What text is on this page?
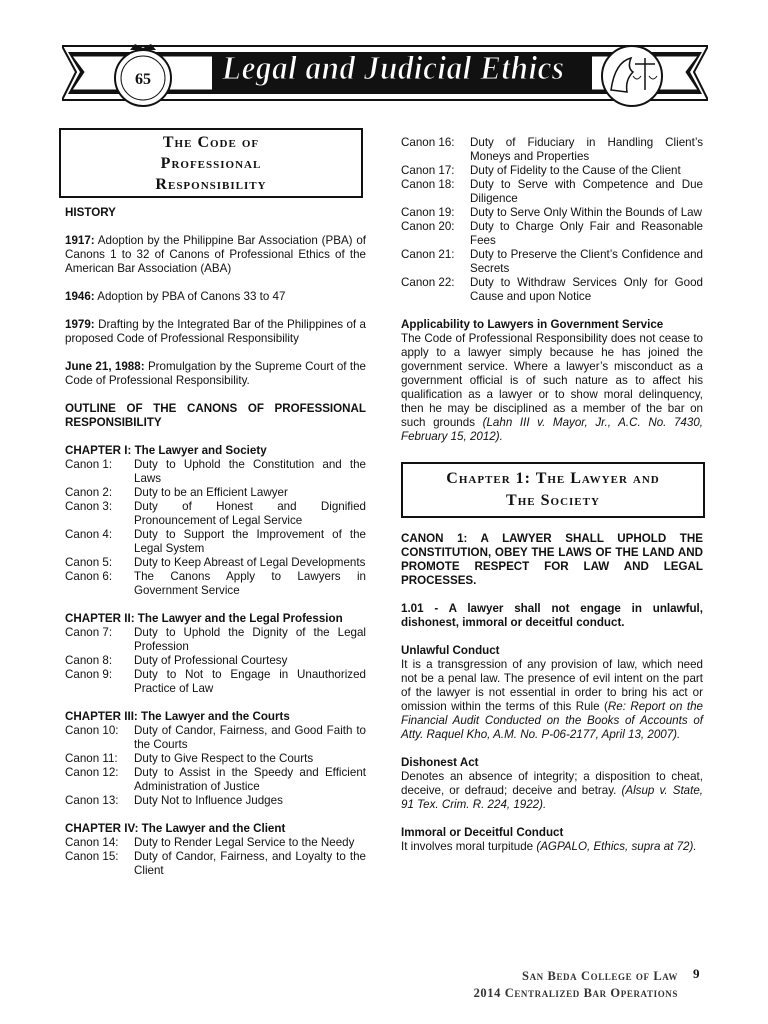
65 Legal and Judicial Ethics
The Code of
Professional
Responsibility

HISTORY

1917: Adoption by the Philippine Bar Association (PBA) of Canons 1 to 32 of Canons of Professional Ethics of the American Bar Association (ABA)

1946: Adoption by PBA of Canons 33 to 47

1979: Drafting by the Integrated Bar of the Philippines of a proposed Code of Professional Responsibility

June 21, 1988: Promulgation by the Supreme Court of the Code of Professional Responsibility.

OUTLINE OF THE CANONS OF PROFESSIONAL RESPONSIBILITY

CHAPTER I: The Lawyer and Society

Canon 1:	Duty to Uphold the Constitution and the Laws
Canon 2:	Duty to be an Efficient Lawyer
Canon 3:	Duty of Honest and Dignified Pronouncement of Legal Service
Canon 4:	Duty to Support the Improvement of the Legal System
Canon 5:	Duty to Keep Abreast of Legal Developments
Canon 6:	The Canons Apply to Lawyers in Government Service

CHAPTER II: The Lawyer and the Legal Profession

Canon 7:	Duty to Uphold the Dignity of the Legal Profession
Canon 8:	Duty of Professional Courtesy
Canon 9:	Duty to Not to Engage in Unauthorized Practice of Law

CHAPTER III: The Lawyer and the Courts

Canon 10:	Duty of Candor, Fairness, and Good Faith to the Courts
Canon 11:	Duty to Give Respect to the Courts
Canon 12:	Duty to Assist in the Speedy and Efficient Administration of Justice
Canon 13:	Duty Not to Influence Judges

CHAPTER IV: The Lawyer and the Client

Canon 14:	Duty to Render Legal Service to the Needy
Canon 15:	Duty of Candor, Fairness, and Loyalty to the Client
Canon 16:	Duty of Fiduciary in Handling Client’s Moneys and Properties
Canon 17:	Duty of Fidelity to the Cause of the Client
Canon 18:	Duty to Serve with Competence and Due Diligence
Canon 19:	Duty to Serve Only Within the Bounds of Law
Canon 20:	Duty to Charge Only Fair and Reasonable Fees
Canon 21:	Duty to Preserve the Client’s Confidence and Secrets
Canon 22:	Duty to Withdraw Services Only for Good Cause and upon Notice

Applicability to Lawyers in Government Service

The Code of Professional Responsibility does not cease to apply to a lawyer simply because he has joined the government service. Where a lawyer’s misconduct as a government official is of such nature as to affect his qualification as a lawyer or to show moral delinquency, then he may be disciplined as a member of the bar on such grounds (Lahn III v. Mayor, Jr., A.C. No. 7430, February 15, 2012).

Chapter 1: The Lawyer and
The Society

CANON 1: A LAWYER SHALL UPHOLD THE CONSTITUTION, OBEY THE LAWS OF THE LAND AND PROMOTE RESPECT FOR LAW AND LEGAL PROCESSES.

1.01 - A lawyer shall not engage in unlawful, dishonest, immoral or deceitful conduct.

Unlawful Conduct

It is a transgression of any provision of law, which need not be a penal law. The presence of evil intent on the part of the lawyer is not essential in order to bring his act or omission within the terms of this Rule (Re: Report on the Financial Audit Conducted on the Books of Accounts of Atty. Raquel Kho, A.M. No. P-06-2177, April 13, 2007).

Dishonest Act

Denotes an absence of integrity; a disposition to cheat, deceive, or defraud; deceive and betray. (Alsup v. State, 91 Tex. Crim. R. 224, 1922).

Immoral or Deceitful Conduct

It involves moral turpitude (AGPALO, Ethics, supra at 72).

San Beda College of Law
2014 Centralized Bar Operations
9
